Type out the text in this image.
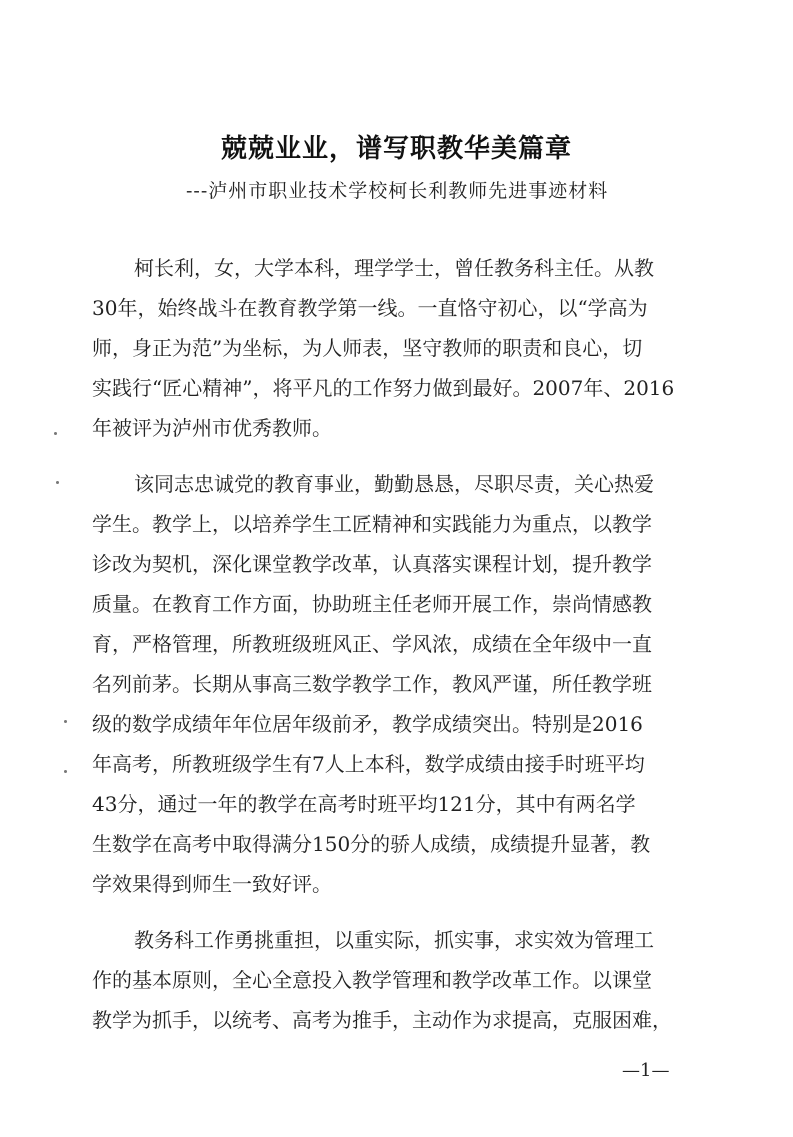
兢兢业业，谱写职教华美篇章
---泸州市职业技术学校柯长利教师先进事迹材料
柯长利，女，大学本科，理学学士，曾任教务科主任。从教
30年，始终战斗在教育教学第一线。一直恪守初心，以“学高为
师，身正为范”为坐标，为人师表，坚守教师的职责和良心，切
实践行“匠心精神”，将平凡的工作努力做到最好。2007年、2016
年被评为泸州市优秀教师。
该同志忠诚党的教育事业，勤勤恳恳，尽职尽责，关心热爱
学生。教学上，以培养学生工匠精神和实践能力为重点，以教学
诊改为契机，深化课堂教学改革，认真落实课程计划，提升教学
质量。在教育工作方面，协助班主任老师开展工作，崇尚情感教
育，严格管理，所教班级班风正、学风浓，成绩在全年级中一直
名列前茅。长期从事高三数学教学工作，教风严谨，所任教学班
级的数学成绩年年位居年级前矛，教学成绩突出。特别是2016
年高考，所教班级学生有7人上本科，数学成绩由接手时班平均
43分，通过一年的教学在高考时班平均121分，其中有两名学
生数学在高考中取得满分150分的骄人成绩，成绩提升显著，教
学效果得到师生一致好评。
教务科工作勇挑重担，以重实际，抓实事，求实效为管理工
作的基本原则，全心全意投入教学管理和教学改革工作。以课堂
教学为抓手，以统考、高考为推手，主动作为求提高，克服困难，
—1—
